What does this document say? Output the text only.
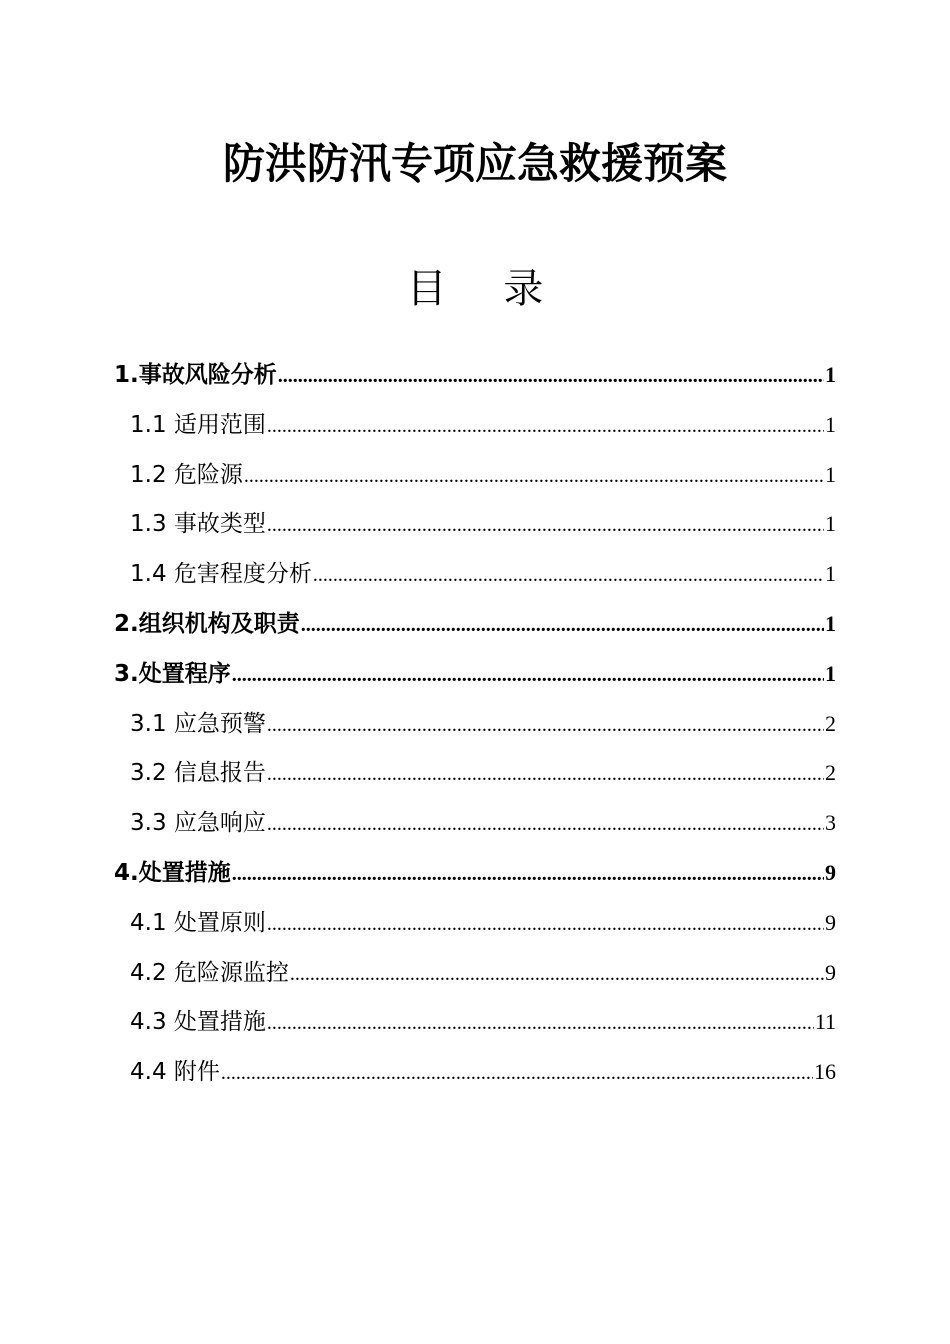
防洪防汛专项应急救援预案
目 录
1.事故风险分析 .....	1
1.1 适用范围 .....	1
1.2 危险源 .....	1
1.3 事故类型 .....	1
1.4 危害程度分析 .....	1
2.组织机构及职责 .....	1
3.处置程序 .....	1
3.1 应急预警 .....	2
3.2 信息报告 .....	2
3.3 应急响应 .....	3
4.处置措施 .....	9
4.1 处置原则 .....	9
4.2 危险源监控 .....	9
4.3 处置措施 .....	11
4.4 附件 .....	16
